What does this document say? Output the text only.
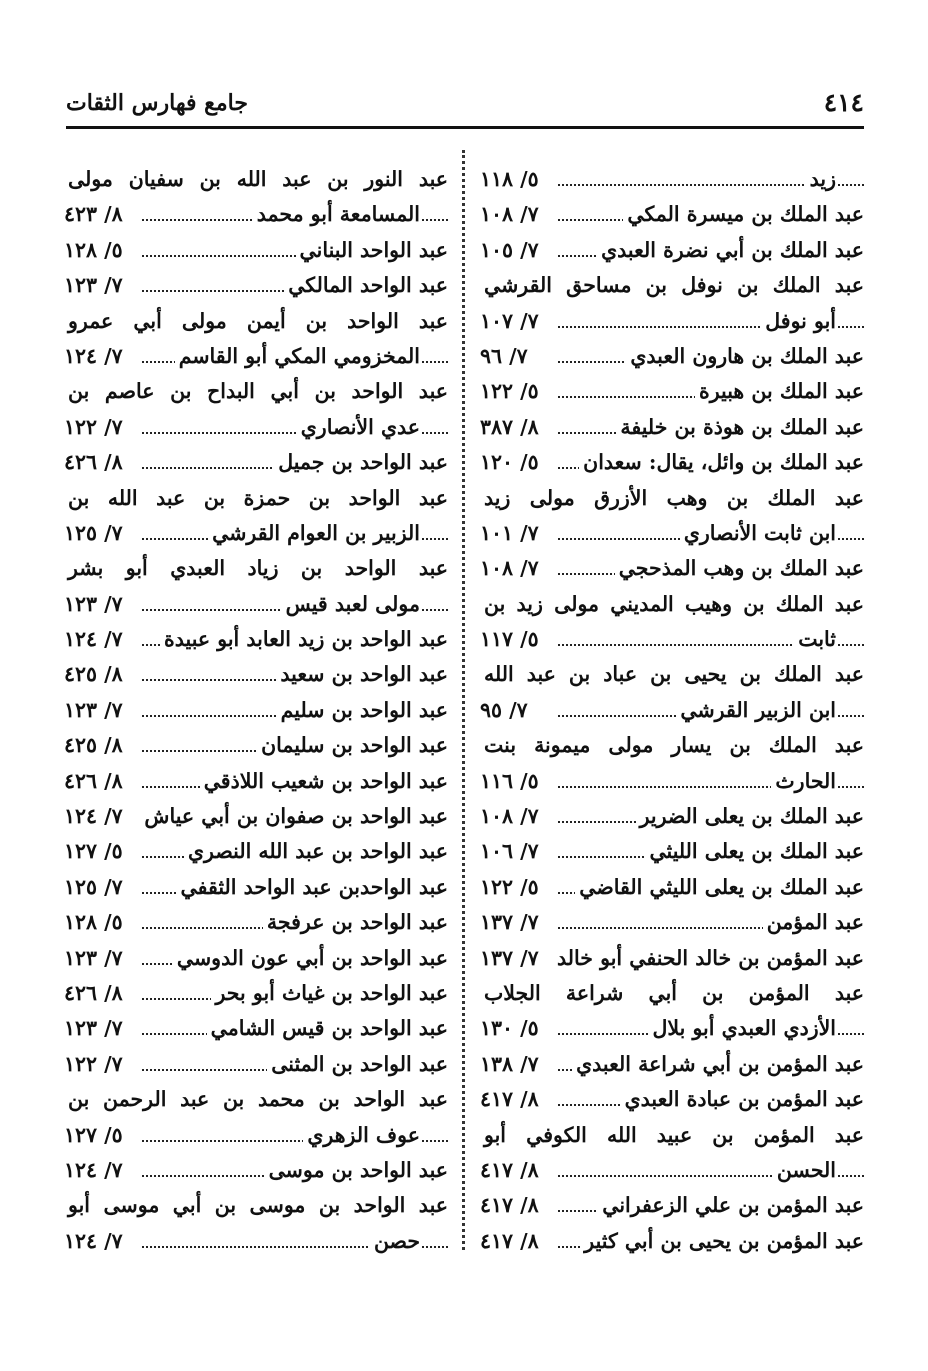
٤١٤
جامع فهارس الثقات
زيد
٥/ ١١٨
عبد الملك بن ميسرة المكي
٧/ ١٠٨
عبد الملك بن أبي نضرة العبدي
٧/ ١٠٥
عبد الملك بن نوفل بن مساحق القرشي
أبو نوفل
٧/ ١٠٧
عبد الملك بن هارون العبدي
٧/ ٩٦
عبد الملك بن هبيرة
٥/ ١٢٢
عبد الملك بن هوذة بن خليفة
٨/ ٣٨٧
عبد الملك بن وائل، يقال: سعدان
٥/ ١٢٠
عبد الملك بن وهب الأزرق مولى زيد
ابن ثابت الأنصاري
٧/ ١٠١
عبد الملك بن وهب المذحجي
٧/ ١٠٨
عبد الملك بن وهيب المديني مولى زيد بن
ثابت
٥/ ١١٧
عبد الملك بن يحيى بن عباد بن عبد الله
ابن الزبير القرشي
٧/ ٩٥
عبد الملك بن يسار مولى ميمونة بنت
الحارث
٥/ ١١٦
عبد الملك بن يعلى الضرير
٧/ ١٠٨
عبد الملك بن يعلى الليثي
٧/ ١٠٦
عبد الملك بن يعلى الليثي القاضي
٥/ ١٢٢
عبد المؤمن
٧/ ١٣٧
عبد المؤمن بن خالد الحنفي أبو خالد
٧/ ١٣٧
عبد المؤمن بن أبي شراعة الجلاب
الأزدي العبدي أبو بلال
٥/ ١٣٠
عبد المؤمن بن أبي شراعة العبدي
٧/ ١٣٨
عبد المؤمن بن عبادة العبدي
٨/ ٤١٧
عبد المؤمن بن عبيد الله الكوفي أبو
الحسن
٨/ ٤١٧
عبد المؤمن بن علي الزعفراني
٨/ ٤١٧
عبد المؤمن بن يحيى بن أبي كثير
٨/ ٤١٧
عبد النور بن عبد الله بن سفيان مولى
المسامعة أبو محمد
٨/ ٤٢٣
عبد الواحد البناني
٥/ ١٢٨
عبد الواحد المالكي
٧/ ١٢٣
عبد الواحد بن أيمن مولى أبي عمرو
المخزومي المكي أبو القاسم
٧/ ١٢٤
عبد الواحد بن أبي البداح بن عاصم بن
عدي الأنصاري
٧/ ١٢٢
عبد الواحد بن جميل
٨/ ٤٢٦
عبد الواحد بن حمزة بن عبد الله بن
الزبير بن العوام القرشي
٧/ ١٢٥
عبد الواحد بن زياد العبدي أبو بشر
مولى لعبد قيس
٧/ ١٢٣
عبد الواحد بن زيد العابد أبو عبيدة
٧/ ١٢٤
عبد الواحد بن سعيد
٨/ ٤٢٥
عبد الواحد بن سليم
٧/ ١٢٣
عبد الواحد بن سليمان
٨/ ٤٢٥
عبد الواحد بن شعيب اللاذقي
٨/ ٤٢٦
عبد الواحد بن صفوان بن أبي عياش
٧/ ١٢٤
عبد الواحد بن عبد الله النصري
٥/ ١٢٧
عبد الواحدبن عبد الواحد الثقفي
٧/ ١٢٥
عبد الواحد بن عرفجة
٥/ ١٢٨
عبد الواحد بن أبي عون الدوسي
٧/ ١٢٣
عبد الواحد بن غياث أبو بحر
٨/ ٤٢٦
عبد الواحد بن قيس الشامي
٧/ ١٢٣
عبد الواحد بن المثنى
٧/ ١٢٢
عبد الواحد بن محمد بن عبد الرحمن بن
عوف الزهري
٥/ ١٢٧
عبد الواحد بن موسى
٧/ ١٢٤
عبد الواحد بن موسى بن أبي موسى أبو
حصن
٧/ ١٢٤
